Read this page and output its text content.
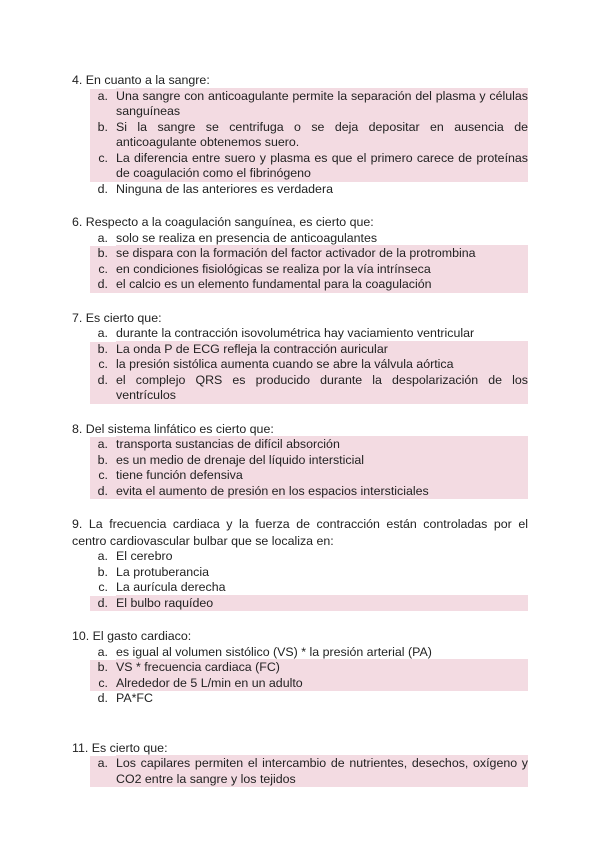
4. En cuanto a la sangre:
a. Una sangre con anticoagulante permite la separación del plasma y células sanguíneas
b. Si la sangre se centrifuga o se deja depositar en ausencia de anticoagulante obtenemos suero.
c. La diferencia entre suero y plasma es que el primero carece de proteínas de coagulación como el fibrinógeno
d. Ninguna de las anteriores es verdadera
6. Respecto a la coagulación sanguínea, es cierto que:
a. solo se realiza en presencia de anticoagulantes
b. se dispara con la formación del factor activador de la protrombina
c. en condiciones fisiológicas se realiza por la vía intrínseca
d. el calcio es un elemento fundamental para la coagulación
7. Es cierto que:
a. durante la contracción isovolumétrica hay vaciamiento ventricular
b. La onda P de ECG refleja la contracción auricular
c. la presión sistólica aumenta cuando se abre la válvula aórtica
d. el complejo QRS es producido durante la despolarización de los ventrículos
8. Del sistema linfático es cierto que:
a. transporta sustancias de difícil absorción
b. es un medio de drenaje del líquido intersticial
c. tiene función defensiva
d. evita el aumento de presión en los espacios intersticiales
9. La frecuencia cardiaca y la fuerza de contracción están controladas por el centro cardiovascular bulbar que se localiza en:
a. El cerebro
b. La protuberancia
c. La aurícula derecha
d. El bulbo raquídeo
10. El gasto cardiaco:
a. es igual al volumen sistólico (VS) * la presión arterial (PA)
b. VS * frecuencia cardiaca (FC)
c. Alrededor de 5 L/min en un adulto
d. PA*FC
11. Es cierto que:
a. Los capilares permiten el intercambio de nutrientes, desechos, oxígeno y CO2 entre la sangre y los tejidos
